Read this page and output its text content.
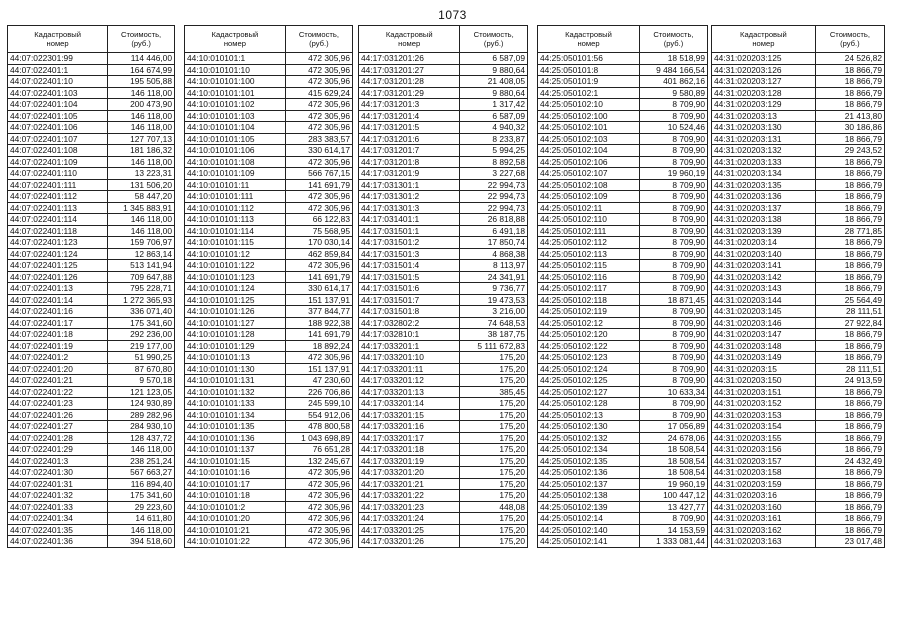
1073
Кадастровый
номер	Стоимость,
(руб.)
44:07:022301:99	114 446,00
44:07:022401:1	164 674,99
44:07:022401:10	195 505,88
44:07:022401:103	146 118,00
44:07:022401:104	200 473,90
44:07:022401:105	146 118,00
44:07:022401:106	146 118,00
44:07:022401:107	127 707,13
44:07:022401:108	181 186,32
44:07:022401:109	146 118,00
44:07:022401:110	13 223,31
44:07:022401:111	131 506,20
44:07:022401:112	58 447,20
44:07:022401:113	1 345 883,91
44:07:022401:114	146 118,00
44:07:022401:118	146 118,00
44:07:022401:123	159 706,97
44:07:022401:124	12 863,14
44:07:022401:125	513 141,94
44:07:022401:126	709 647,88
44:07:022401:13	795 228,71
44:07:022401:14	1 272 365,93
44:07:022401:16	336 071,40
44:07:022401:17	175 341,60
44:07:022401:18	292 236,00
44:07:022401:19	219 177,00
44:07:022401:2	51 990,25
44:07:022401:20	87 670,80
44:07:022401:21	9 570,18
44:07:022401:22	121 123,05
44:07:022401:23	124 930,89
44:07:022401:26	289 282,96
44:07:022401:27	284 930,10
44:07:022401:28	128 437,72
44:07:022401:29	146 118,00
44:07:022401:3	238 251,24
44:07:022401:30	567 663,27
44:07:022401:31	116 894,40
44:07:022401:32	175 341,60
44:07:022401:33	29 223,60
44:07:022401:34	14 611,80
44:07:022401:35	146 118,00
44:07:022401:36	394 518,60
Кадастровый
номер	Стоимость,
(руб.)
44:10:010101:1	472 305,96
44:10:010101:10	472 305,96
44:10:010101:100	472 305,96
44:10:010101:101	415 629,24
44:10:010101:102	472 305,96
44:10:010101:103	472 305,96
44:10:010101:104	472 305,96
44:10:010101:105	283 383,57
44:10:010101:106	330 614,17
44:10:010101:108	472 305,96
44:10:010101:109	566 767,15
44:10:010101:11	141 691,79
44:10:010101:111	472 305,96
44:10:010101:112	472 305,96
44:10:010101:113	66 122,83
44:10:010101:114	75 568,95
44:10:010101:115	170 030,14
44:10:010101:12	462 859,84
44:10:010101:122	472 305,96
44:10:010101:123	141 691,79
44:10:010101:124	330 614,17
44:10:010101:125	151 137,91
44:10:010101:126	377 844,77
44:10:010101:127	188 922,38
44:10:010101:128	141 691,79
44:10:010101:129	18 892,24
44:10:010101:13	472 305,96
44:10:010101:130	151 137,91
44:10:010101:131	47 230,60
44:10:010101:132	226 706,86
44:10:010101:133	245 599,10
44:10:010101:134	554 912,06
44:10:010101:135	478 800,58
44:10:010101:136	1 043 698,89
44:10:010101:137	76 651,28
44:10:010101:15	132 245,67
44:10:010101:16	472 305,96
44:10:010101:17	472 305,96
44:10:010101:18	472 305,96
44:10:010101:2	472 305,96
44:10:010101:20	472 305,96
44:10:010101:21	472 305,96
44:10:010101:22	472 305,96
Кадастровый
номер	Стоимость,
(руб.)
44:17:031201:26	6 587,09
44:17:031201:27	9 880,64
44:17:031201:28	21 408,05
44:17:031201:29	9 880,64
44:17:031201:3	1 317,42
44:17:031201:4	6 587,09
44:17:031201:5	4 940,32
44:17:031201:6	8 233,87
44:17:031201:7	5 994,25
44:17:031201:8	8 892,58
44:17:031201:9	3 227,68
44:17:031301:1	22 994,73
44:17:031301:2	22 994,73
44:17:031301:3	22 994,73
44:17:031401:1	26 818,88
44:17:031501:1	6 491,18
44:17:031501:2	17 850,74
44:17:031501:3	4 868,38
44:17:031501:4	8 113,97
44:17:031501:5	24 341,91
44:17:031501:6	9 736,77
44:17:031501:7	19 473,53
44:17:031501:8	3 216,00
44:17:032802:2	74 648,53
44:17:032810:1	38 187,75
44:17:033201:1	5 111 672,83
44:17:033201:10	175,20
44:17:033201:11	175,20
44:17:033201:12	175,20
44:17:033201:13	385,45
44:17:033201:14	175,20
44:17:033201:15	175,20
44:17:033201:16	175,20
44:17:033201:17	175,20
44:17:033201:18	175,20
44:17:033201:19	175,20
44:17:033201:20	175,20
44:17:033201:21	175,20
44:17:033201:22	175,20
44:17:033201:23	448,08
44:17:033201:24	175,20
44:17:033201:25	175,20
44:17:033201:26	175,20
Кадастровый
номер	Стоимость,
(руб.)
44:25:050101:56	18 518,99
44:25:050101:8	9 484 166,54
44:25:050101:9	401 862,16
44:25:050102:1	9 580,89
44:25:050102:10	8 709,90
44:25:050102:100	8 709,90
44:25:050102:101	10 524,46
44:25:050102:103	8 709,90
44:25:050102:104	8 709,90
44:25:050102:106	8 709,90
44:25:050102:107	19 960,19
44:25:050102:108	8 709,90
44:25:050102:109	8 709,90
44:25:050102:11	8 709,90
44:25:050102:110	8 709,90
44:25:050102:111	8 709,90
44:25:050102:112	8 709,90
44:25:050102:113	8 709,90
44:25:050102:115	8 709,90
44:25:050102:116	8 709,90
44:25:050102:117	8 709,90
44:25:050102:118	18 871,45
44:25:050102:119	8 709,90
44:25:050102:12	8 709,90
44:25:050102:120	8 709,90
44:25:050102:122	8 709,90
44:25:050102:123	8 709,90
44:25:050102:124	8 709,90
44:25:050102:125	8 709,90
44:25:050102:127	10 633,34
44:25:050102:128	8 709,90
44:25:050102:13	8 709,90
44:25:050102:130	17 056,89
44:25:050102:132	24 678,06
44:25:050102:134	18 508,54
44:25:050102:135	18 508,54
44:25:050102:136	18 508,54
44:25:050102:137	19 960,19
44:25:050102:138	100 447,12
44:25:050102:139	13 427,77
44:25:050102:14	8 709,90
44:25:050102:140	14 153,59
44:25:050102:141	1 333 081,44
Кадастровый
номер	Стоимость,
(руб.)
44:31:020203:125	24 526,82
44:31:020203:126	18 866,79
44:31:020203:127	18 866,79
44:31:020203:128	18 866,79
44:31:020203:129	18 866,79
44:31:020203:13	21 413,80
44:31:020203:130	30 186,86
44:31:020203:131	18 866,79
44:31:020203:132	29 243,52
44:31:020203:133	18 866,79
44:31:020203:134	18 866,79
44:31:020203:135	18 866,79
44:31:020203:136	18 866,79
44:31:020203:137	18 866,79
44:31:020203:138	18 866,79
44:31:020203:139	28 771,85
44:31:020203:14	18 866,79
44:31:020203:140	18 866,79
44:31:020203:141	18 866,79
44:31:020203:142	18 866,79
44:31:020203:143	18 866,79
44:31:020203:144	25 564,49
44:31:020203:145	28 111,51
44:31:020203:146	27 922,84
44:31:020203:147	18 866,79
44:31:020203:148	18 866,79
44:31:020203:149	18 866,79
44:31:020203:15	28 111,51
44:31:020203:150	24 913,59
44:31:020203:151	18 866,79
44:31:020203:152	18 866,79
44:31:020203:153	18 866,79
44:31:020203:154	18 866,79
44:31:020203:155	18 866,79
44:31:020203:156	18 866,79
44:31:020203:157	24 432,49
44:31:020203:158	18 866,79
44:31:020203:159	18 866,79
44:31:020203:16	18 866,79
44:31:020203:160	18 866,79
44:31:020203:161	18 866,79
44:31:020203:162	18 866,79
44:31:020203:163	23 017,48
